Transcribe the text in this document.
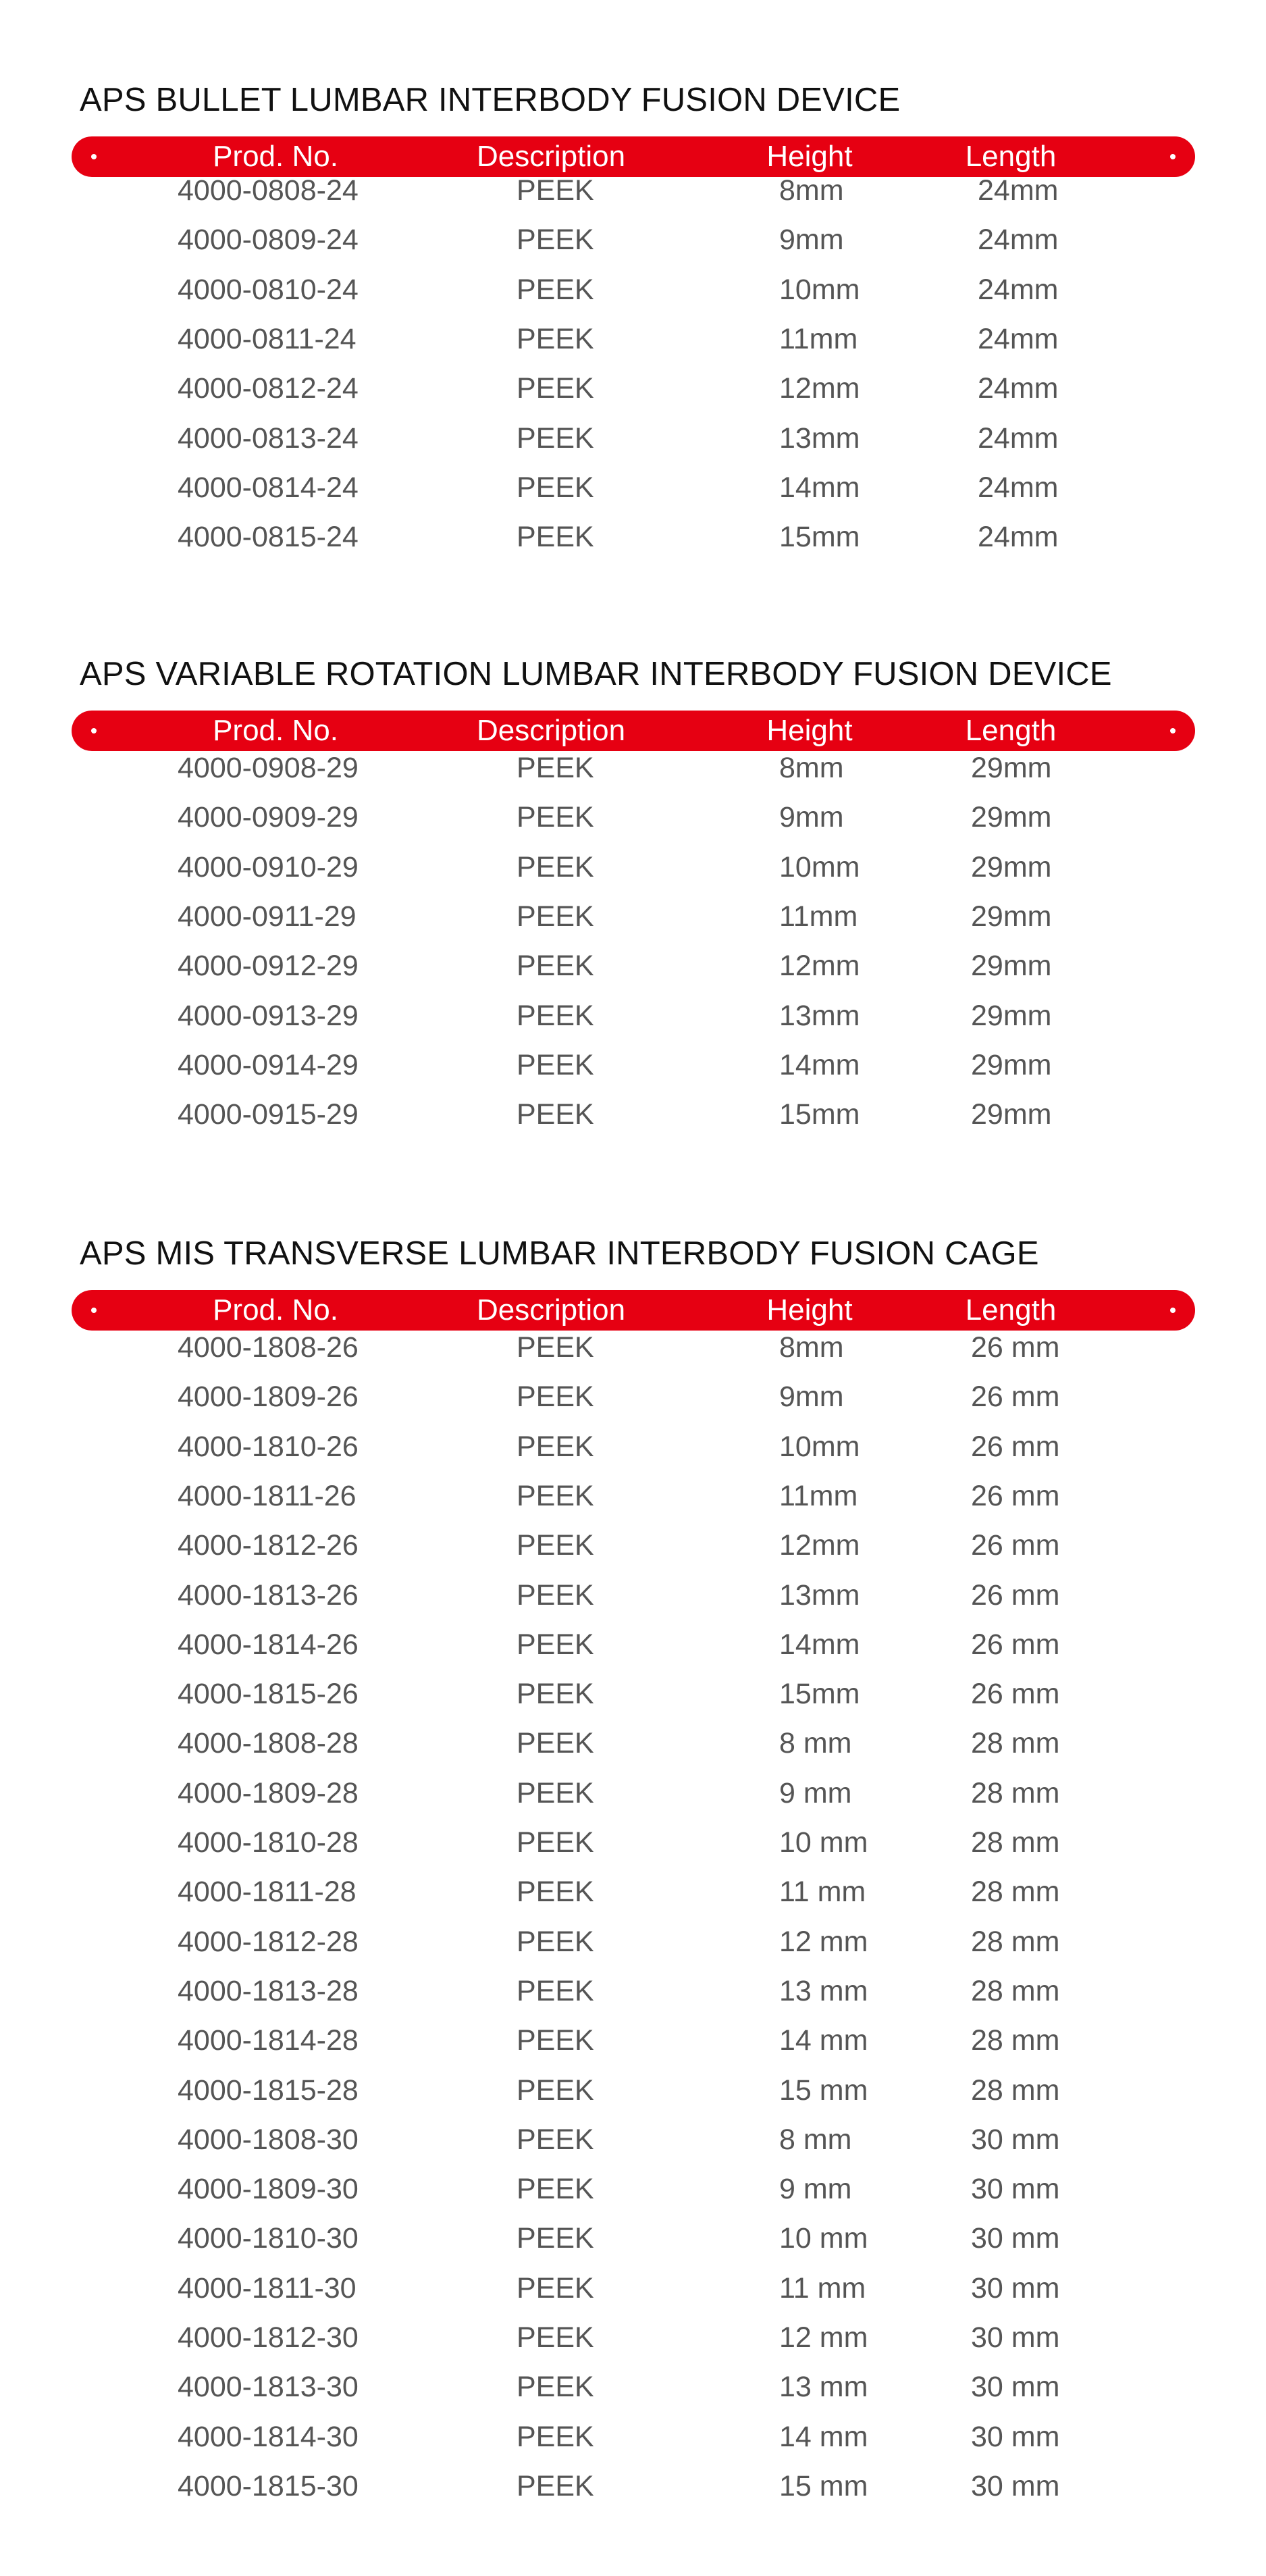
APS BULLET LUMBAR INTERBODY FUSION DEVICE
Prod. No.	Description	Height	Length
4000-0808-24	PEEK	8mm	24mm
4000-0809-24	PEEK	9mm	24mm
4000-0810-24	PEEK	10mm	24mm
4000-0811-24	PEEK	11mm	24mm
4000-0812-24	PEEK	12mm	24mm
4000-0813-24	PEEK	13mm	24mm
4000-0814-24	PEEK	14mm	24mm
4000-0815-24	PEEK	15mm	24mm
APS VARIABLE ROTATION LUMBAR INTERBODY FUSION DEVICE
Prod. No.	Description	Height	Length
4000-0908-29	PEEK	8mm	29mm
4000-0909-29	PEEK	9mm	29mm
4000-0910-29	PEEK	10mm	29mm
4000-0911-29	PEEK	11mm	29mm
4000-0912-29	PEEK	12mm	29mm
4000-0913-29	PEEK	13mm	29mm
4000-0914-29	PEEK	14mm	29mm
4000-0915-29	PEEK	15mm	29mm
APS MIS TRANSVERSE LUMBAR INTERBODY FUSION CAGE
Prod. No.	Description	Height	Length
4000-1808-26	PEEK	8mm	26 mm
4000-1809-26	PEEK	9mm	26 mm
4000-1810-26	PEEK	10mm	26 mm
4000-1811-26	PEEK	11mm	26 mm
4000-1812-26	PEEK	12mm	26 mm
4000-1813-26	PEEK	13mm	26 mm
4000-1814-26	PEEK	14mm	26 mm
4000-1815-26	PEEK	15mm	26 mm
4000-1808-28	PEEK	8 mm	28 mm
4000-1809-28	PEEK	9 mm	28 mm
4000-1810-28	PEEK	10 mm	28 mm
4000-1811-28	PEEK	11 mm	28 mm
4000-1812-28	PEEK	12 mm	28 mm
4000-1813-28	PEEK	13 mm	28 mm
4000-1814-28	PEEK	14 mm	28 mm
4000-1815-28	PEEK	15 mm	28 mm
4000-1808-30	PEEK	8 mm	30 mm
4000-1809-30	PEEK	9 mm	30 mm
4000-1810-30	PEEK	10 mm	30 mm
4000-1811-30	PEEK	11 mm	30 mm
4000-1812-30	PEEK	12 mm	30 mm
4000-1813-30	PEEK	13 mm	30 mm
4000-1814-30	PEEK	14 mm	30 mm
4000-1815-30	PEEK	15 mm	30 mm
